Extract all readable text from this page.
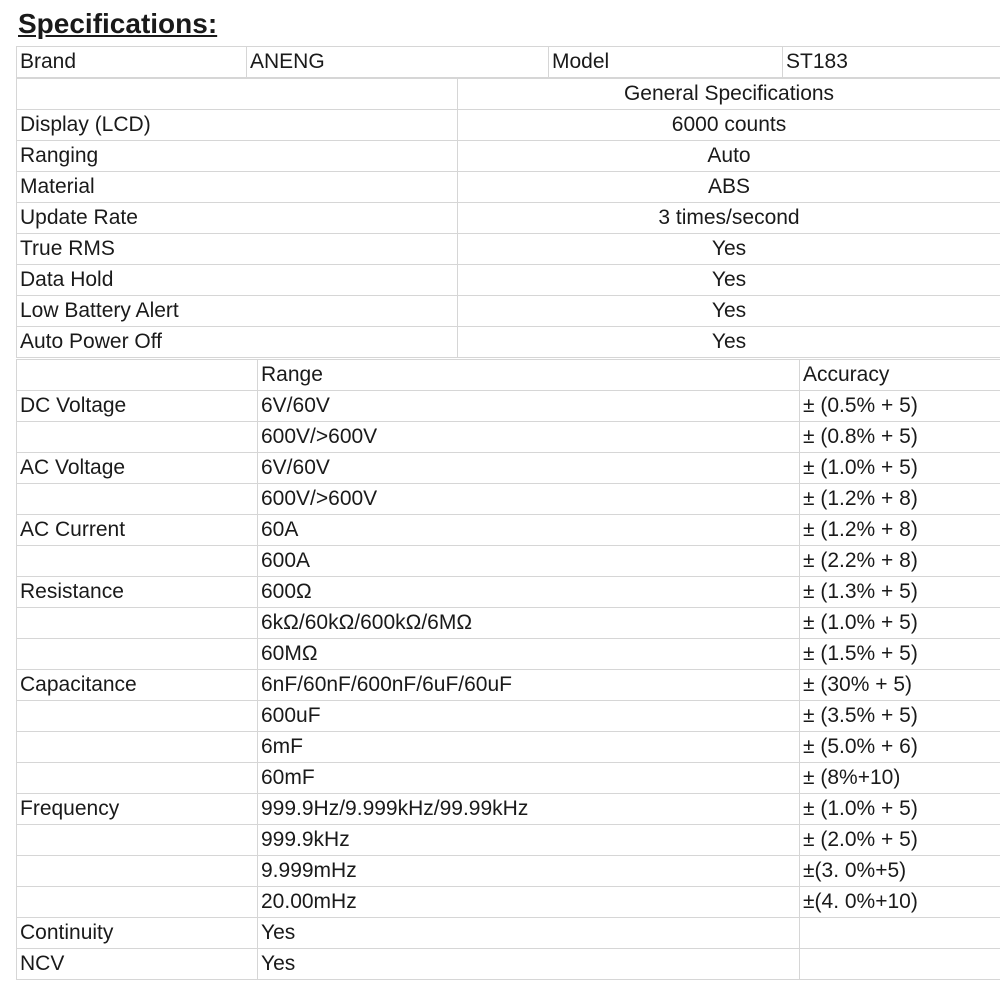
Specifications:
Brand	ANENG	Model	ST183
	General Specifications
Display (LCD)	6000 counts
Ranging	Auto
Material	ABS
Update Rate	3 times/second
True RMS	Yes
Data Hold	Yes
Low Battery Alert	Yes
Auto Power Off	Yes
	Range	Accuracy
DC Voltage	6V/60V	± (0.5% + 5)
	600V/>600V	± (0.8% + 5)
AC Voltage	6V/60V	± (1.0% + 5)
	600V/>600V	± (1.2% + 8)
AC Current	60A	± (1.2% + 8)
	600A	± (2.2% + 8)
Resistance	600Ω	± (1.3% + 5)
	6kΩ/60kΩ/600kΩ/6MΩ	± (1.0% + 5)
	60MΩ	± (1.5% + 5)
Capacitance	6nF/60nF/600nF/6uF/60uF	± (30% + 5)
	600uF	± (3.5% + 5)
	6mF	± (5.0% + 6)
	60mF	± (8%+10)
Frequency	999.9Hz/9.999kHz/99.99kHz	± (1.0% + 5)
	999.9kHz	± (2.0% + 5)
	9.999mHz	±(3. 0%+5)
	20.00mHz	±(4. 0%+10)
Continuity	Yes	
NCV	Yes	
